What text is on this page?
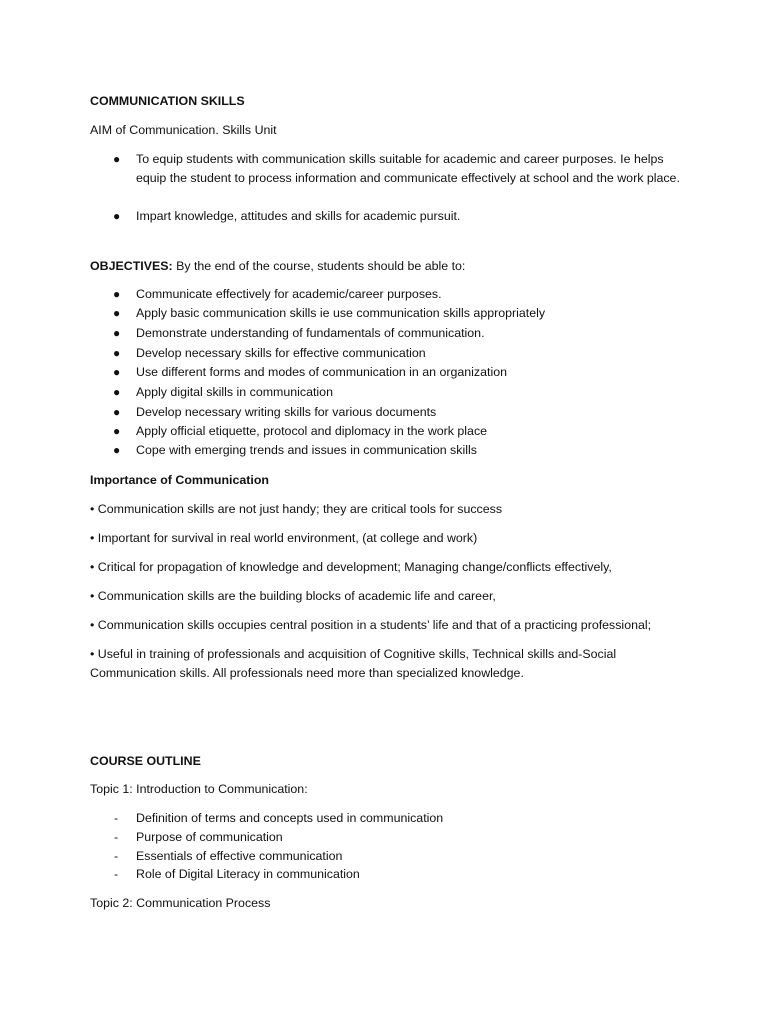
COMMUNICATION SKILLS
AIM of Communication. Skills Unit
● To equip students with communication skills suitable for academic and career purposes. Ie helps equip the student to process information and communicate effectively at school and the work place.
● Impart knowledge, attitudes and skills for academic pursuit.
OBJECTIVES: By the end of the course, students should be able to:
● Communicate effectively for academic/career purposes.
● Apply basic communication skills ie use communication skills appropriately
● Demonstrate understanding of fundamentals of communication.
● Develop necessary skills for effective communication
● Use different forms and modes of communication in an organization
● Apply digital skills in communication
● Develop necessary writing skills for various documents
● Apply official etiquette, protocol and diplomacy in the work place
● Cope with emerging trends and issues in communication skills
Importance of Communication
• Communication skills are not just handy; they are critical tools for success
• Important for survival in real world environment, (at college and work)
• Critical for propagation of knowledge and development; Managing change/conflicts effectively,
• Communication skills are the building blocks of academic life and career,
• Communication skills occupies central position in a students’ life and that of a practicing professional;
• Useful in training of professionals and acquisition of Cognitive skills, Technical skills and-Social Communication skills. All professionals need more than specialized knowledge.
COURSE OUTLINE
Topic 1: Introduction to Communication:
- Definition of terms and concepts used in communication
- Purpose of communication
- Essentials of effective communication
- Role of Digital Literacy in communication
Topic 2: Communication Process
